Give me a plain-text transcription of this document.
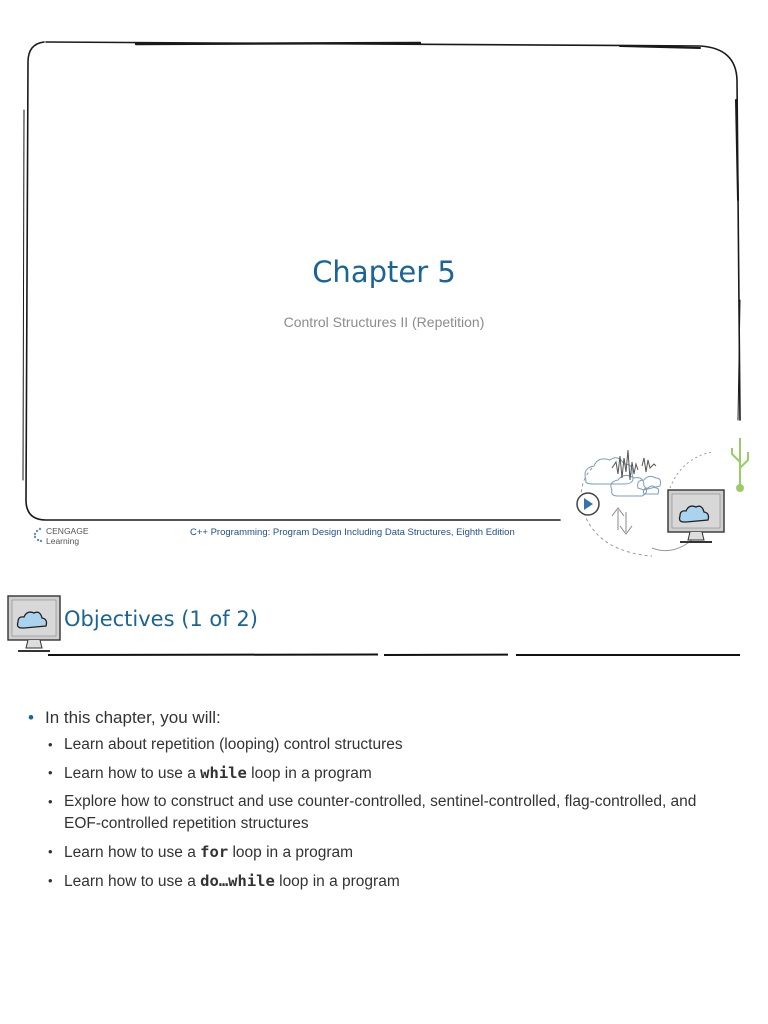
Chapter 5
Control Structures II (Repetition)
CENGAGE
Learning
C++ Programming: Program Design Including Data Structures, Eighth Edition
Objectives (1 of 2)

• In this chapter, you will:

• Learn about repetition (looping) control structures
• Learn how to use a while loop in a program
• Explore how to construct and use counter-controlled, sentinel-controlled, flag-controlled, and EOF-controlled repetition structures
• Learn how to use a for loop in a program
• Learn how to use a do…while loop in a program
